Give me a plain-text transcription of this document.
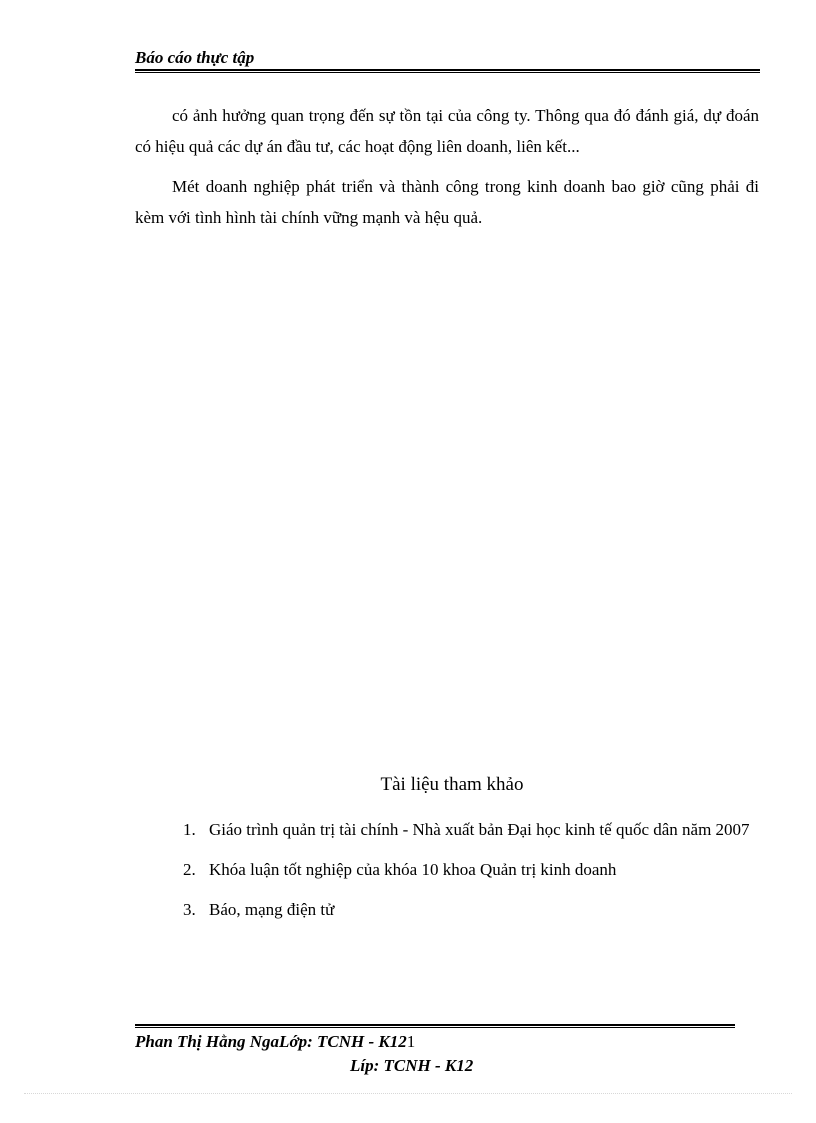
Báo cáo thực tập

có ảnh hưởng quan trọng đến sự tồn tại của công ty. Thông qua đó đánh giá, dự đoán có hiệu quả các dự án đầu tư, các hoạt động liên doanh, liên kết...

Mét doanh nghiệp phát triển và thành công trong kinh doanh bao giờ cũng phải đi kèm với tình hình tài chính vững mạnh và hệu quả.

Tài liệu tham khảo
1. Giáo trình quản trị tài chính - Nhà xuất bản Đại học kinh tế quốc dân năm 2007
2. Khóa luận tốt nghiệp của khóa 10 khoa Quản trị kinh doanh
3. Báo, mạng điện tử
Phan Thị Hằng NgaLớp: TCNH - K121
Líp: TCNH - K12
